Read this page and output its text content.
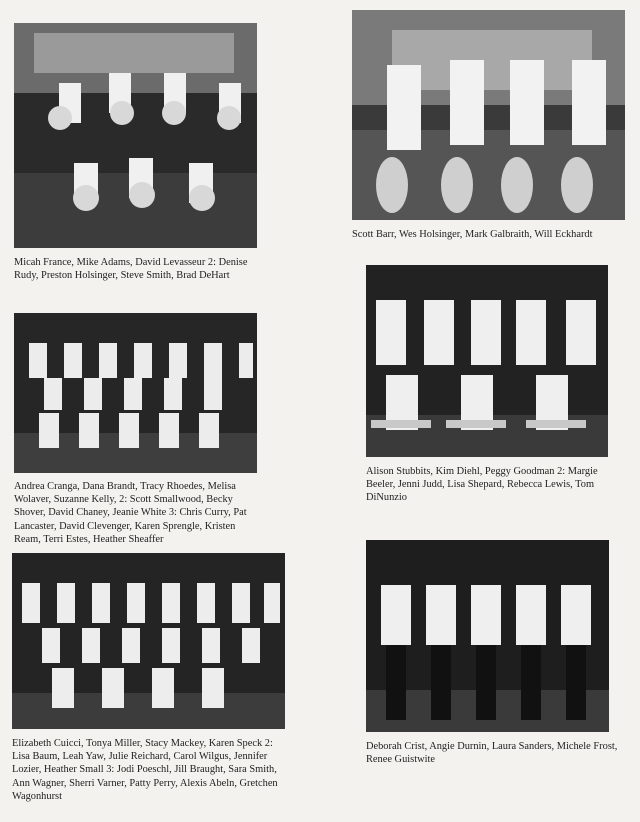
Micah France, Mike Adams, David Levasseur 2: Denise Rudy, Preston Holsinger, Steve Smith, Brad DeHart

Scott Barr, Wes Holsinger, Mark Galbraith, Will Eckhardt

Andrea Cranga, Dana Brandt, Tracy Rhoedes, Melisa Wolaver, Suzanne Kelly, 2: Scott Smallwood, Becky Shover, David Chaney, Jeanie White 3: Chris Curry, Pat Lancaster, David Clevenger, Karen Sprengle, Kristen Ream, Terri Estes, Heather Sheaffer

Alison Stubbits, Kim Diehl, Peggy Goodman 2: Margie Beeler, Jenni Judd, Lisa Shepard, Rebecca Lewis, Tom DiNunzio

Elizabeth Cuicci, Tonya Miller, Stacy Mackey, Karen Speck 2: Lisa Baum, Leah Yaw, Julie Reichard, Carol Wilgus, Jennifer Lozier, Heather Small 3: Jodi Poeschl, Jill Braught, Sara Smith, Ann Wagner, Sherri Varner, Patty Perry, Alexis Abeln, Gretchen Wagonhurst

Deborah Crist, Angie Durnin, Laura Sanders, Michele Frost, Renee Guistwite
